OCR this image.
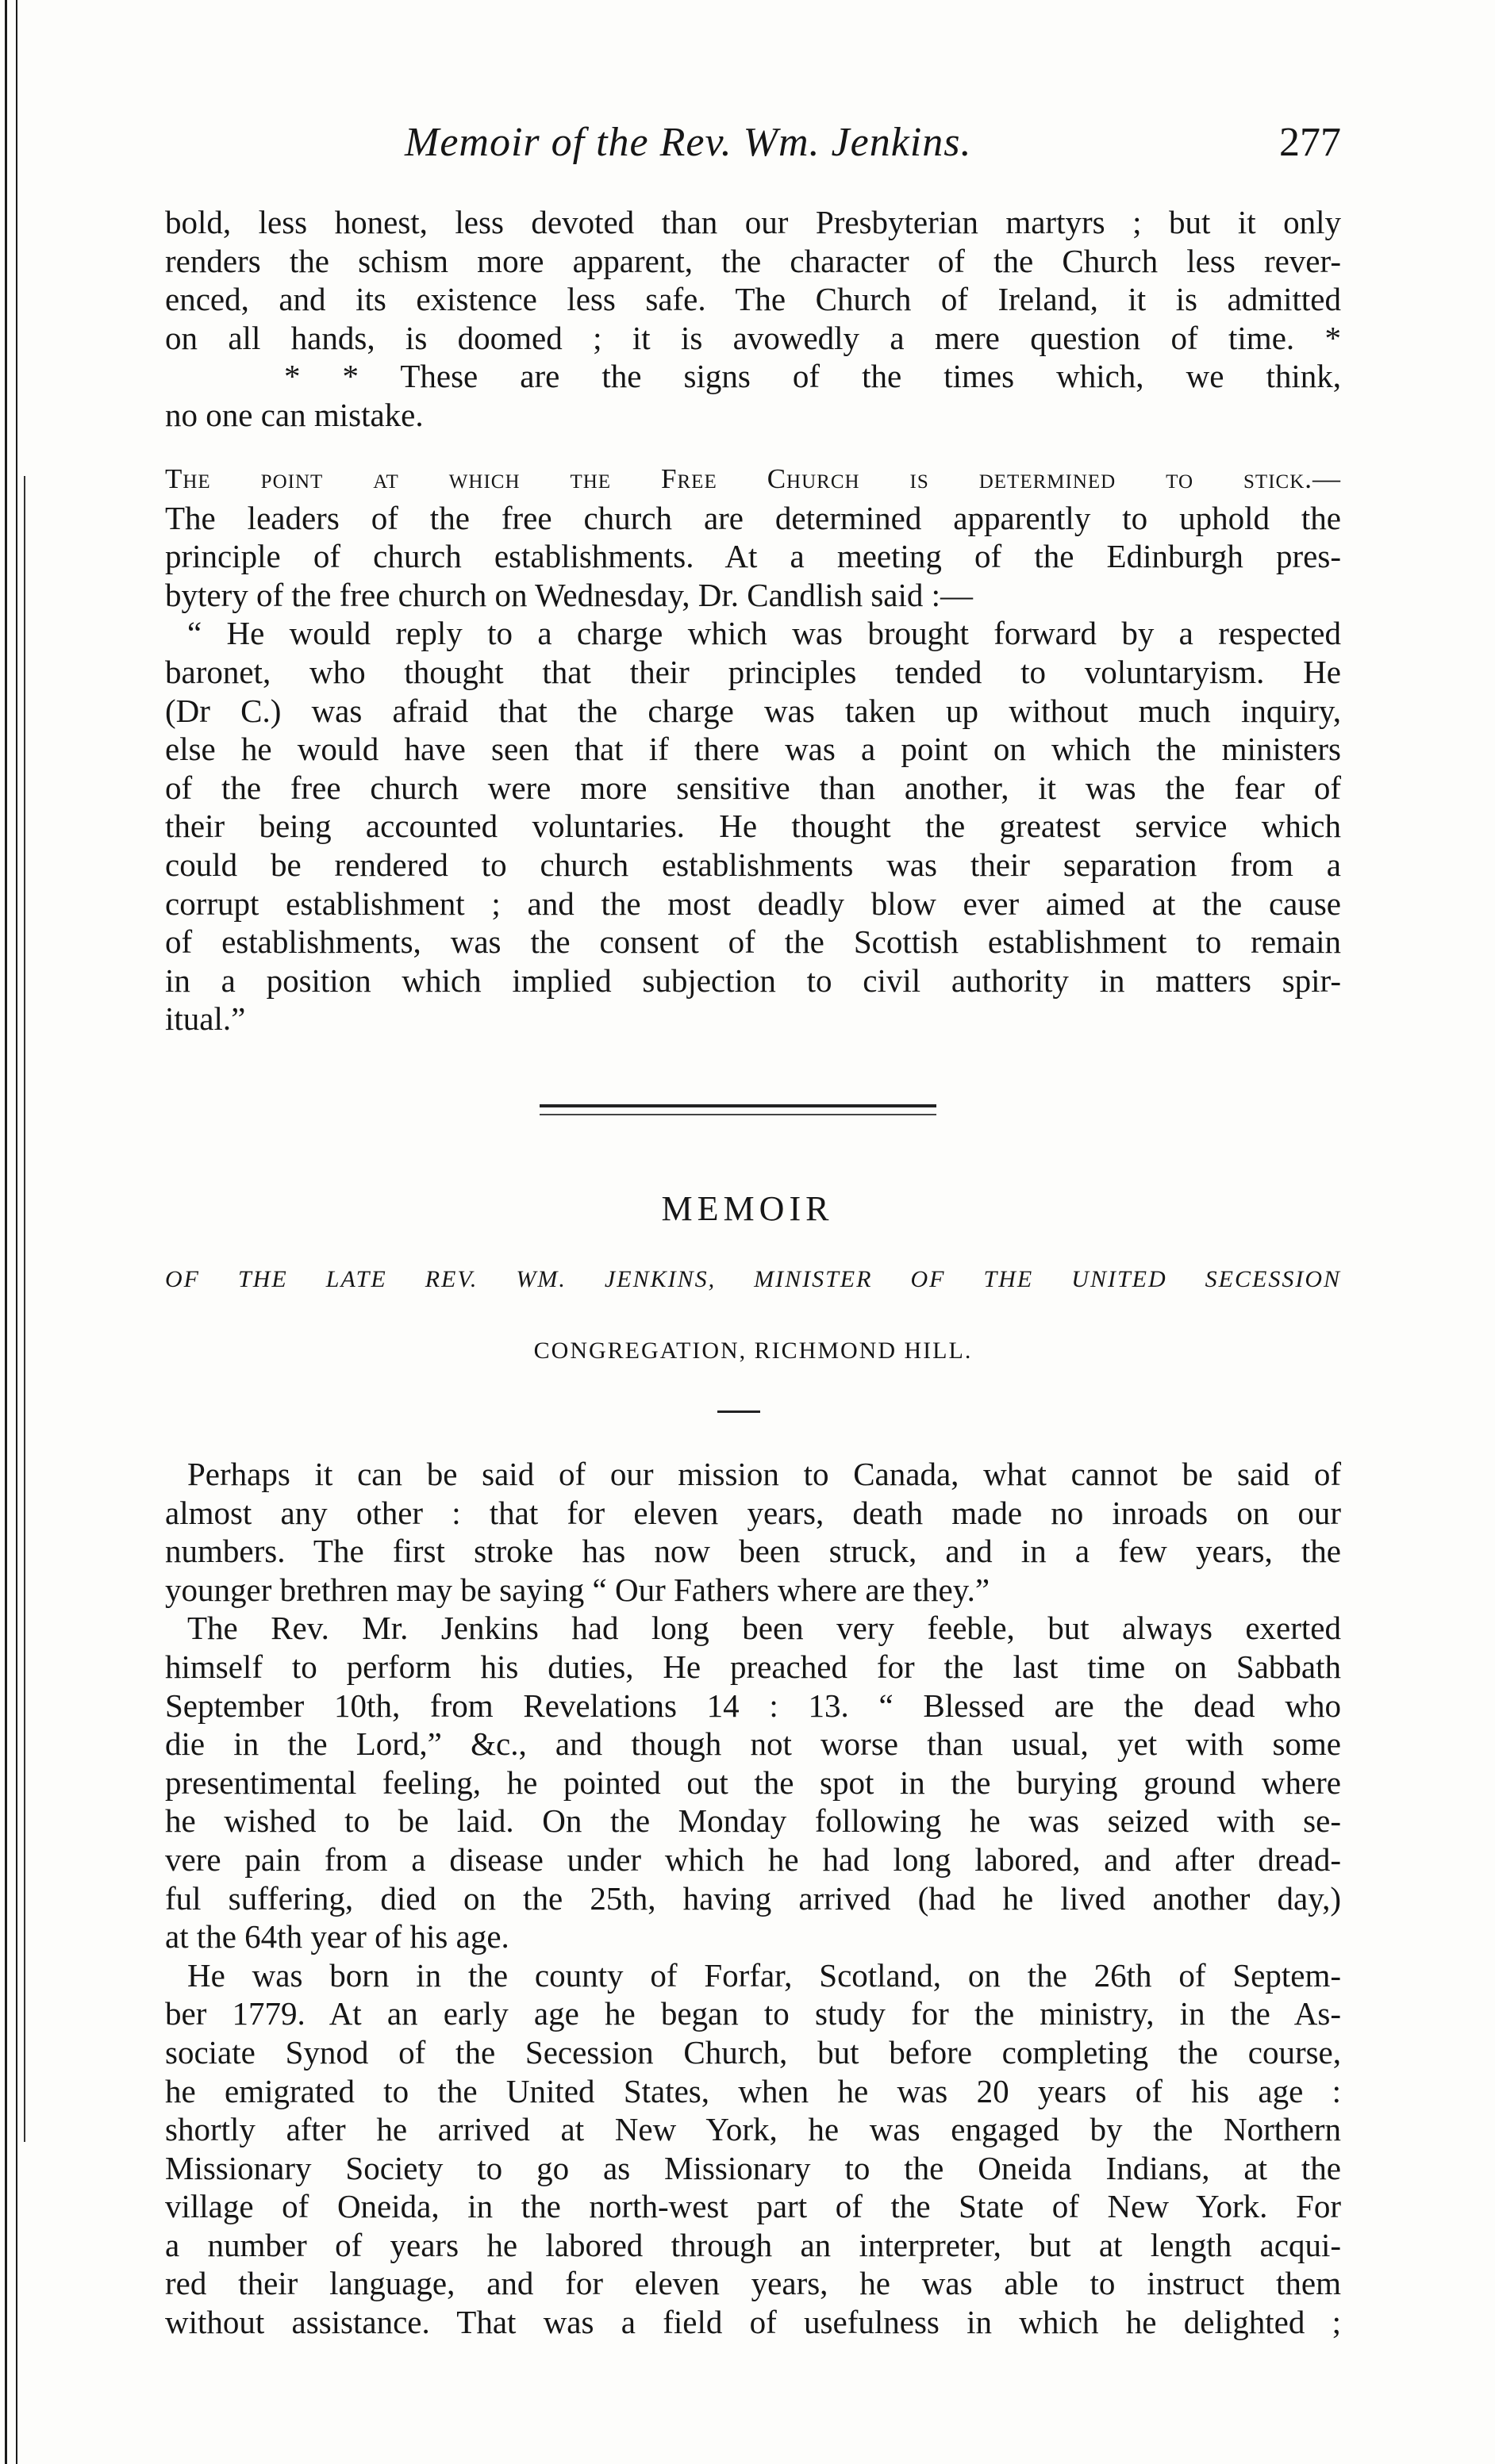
Memoir of the Rev. Wm. Jenkins.	277
bold, less honest, less devoted than our Presbyterian martyrs ; but it only
renders the schism more apparent, the character of the Church less rever-
enced, and its existence less safe. The Church of Ireland, it is admitted
on all hands, is doomed ; it is avowedly a mere question of time. *
* * These are the signs of the times which, we think,
no one can mistake.
The point at which the Free Church is determined to stick.—
The leaders of the free church are determined apparently to uphold the
principle of church establishments. At a meeting of the Edinburgh pres-
bytery of the free church on Wednesday, Dr. Candlish said :—
“ He would reply to a charge which was brought forward by a respected
baronet, who thought that their principles tended to voluntaryism. He
(Dr C.) was afraid that the charge was taken up without much inquiry,
else he would have seen that if there was a point on which the ministers
of the free church were more sensitive than another, it was the fear of
their being accounted voluntaries. He thought the greatest service which
could be rendered to church establishments was their separation from a
corrupt establishment ; and the most deadly blow ever aimed at the cause
of establishments, was the consent of the Scottish establishment to remain
in a position which implied subjection to civil authority in matters spir-
itual.”
MEMOIR
OF THE LATE REV. WM. JENKINS, MINISTER OF THE UNITED SECESSION
CONGREGATION, RICHMOND HILL.
Perhaps it can be said of our mission to Canada, what cannot be said of
almost any other : that for eleven years, death made no inroads on our
numbers. The first stroke has now been struck, and in a few years, the
younger brethren may be saying “ Our Fathers where are they.”
The Rev. Mr. Jenkins had long been very feeble, but always exerted
himself to perform his duties, He preached for the last time on Sabbath
September 10th, from Revelations 14 : 13. “ Blessed are the dead who
die in the Lord,” &c., and though not worse than usual, yet with some
presentimental feeling, he pointed out the spot in the burying ground where
he wished to be laid. On the Monday following he was seized with se-
vere pain from a disease under which he had long labored, and after dread-
ful suffering, died on the 25th, having arrived (had he lived another day,)
at the 64th year of his age.
He was born in the county of Forfar, Scotland, on the 26th of Septem-
ber 1779. At an early age he began to study for the ministry, in the As-
sociate Synod of the Secession Church, but before completing the course,
he emigrated to the United States, when he was 20 years of his age :
shortly after he arrived at New York, he was engaged by the Northern
Missionary Society to go as Missionary to the Oneida Indians, at the
village of Oneida, in the north-west part of the State of New York. For
a number of years he labored through an interpreter, but at length acqui-
red their language, and for eleven years, he was able to instruct them
without assistance. That was a field of usefulness in which he delighted ;
